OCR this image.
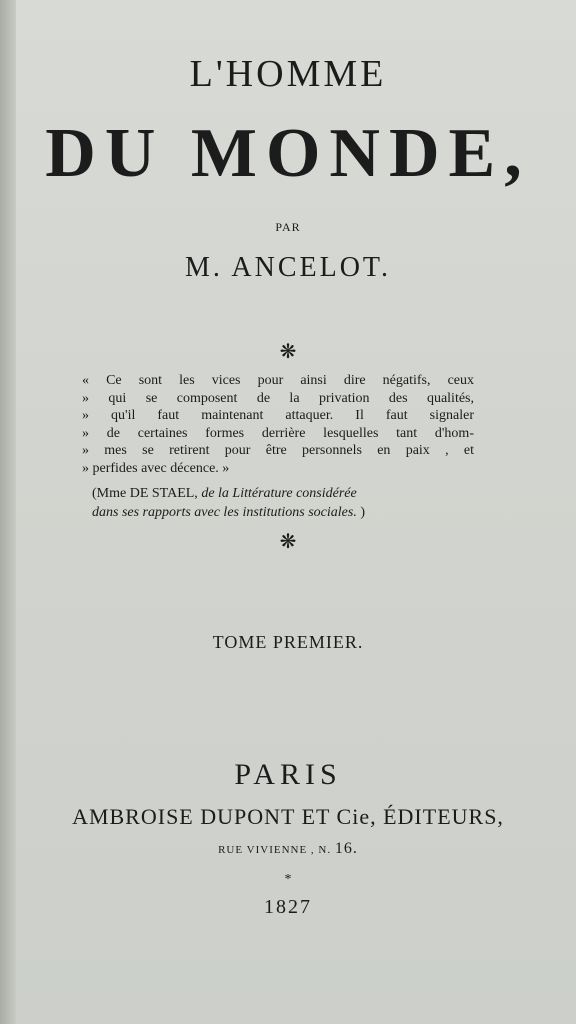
L'HOMME
DU MONDE,
PAR
M. ANCELOT.
❋
« Ce sont les vices pour ainsi dire négatifs, ceux
» qui se composent de la privation des qualités,
» qu'il faut maintenant attaquer. Il faut signaler
» de certaines formes derrière lesquelles tant d'hom-
» mes se retirent pour être personnels en paix , et
» perfides avec décence. »
(Mme DE STAEL, de la Littérature considérée
dans ses rapports avec les institutions sociales. )
❋
TOME PREMIER.
PARIS
AMBROISE DUPONT ET Cie, ÉDITEURS,
RUE VIVIENNE , N. 16.
*
1827
